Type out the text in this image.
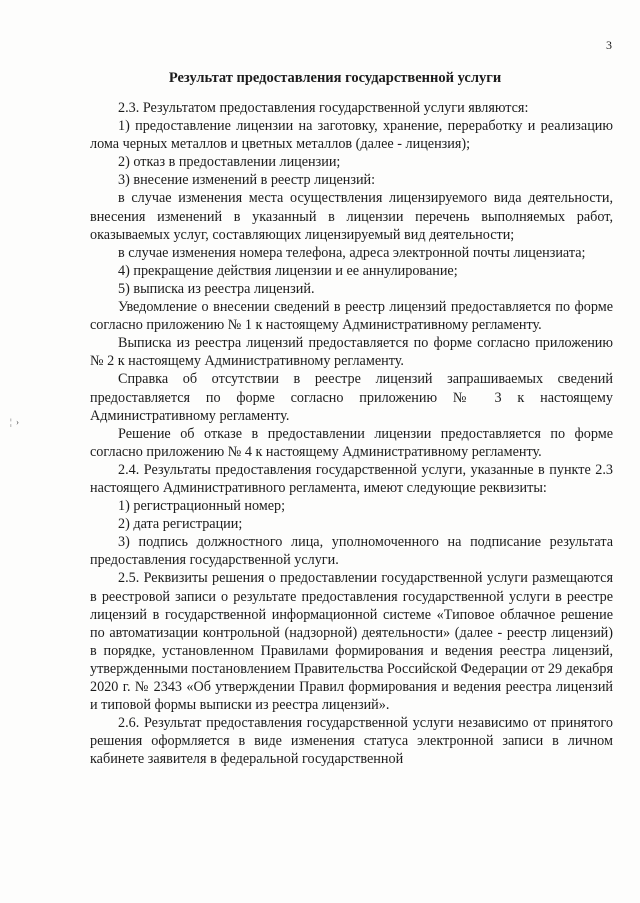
3
¦ ›
Результат предоставления государственной услуги

2.3. Результатом предоставления государственной услуги являются:

1) предоставление лицензии на заготовку, хранение, переработку и реализацию лома черных металлов и цветных металлов (далее - лицензия);

2) отказ в предоставлении лицензии;

3) внесение изменений в реестр лицензий:

в случае изменения места осуществления лицензируемого вида деятельности, внесения изменений в указанный в лицензии перечень выполняемых работ, оказываемых услуг, составляющих лицензируемый вид деятельности;

в случае изменения номера телефона, адреса электронной почты лицензиата;

4) прекращение действия лицензии и ее аннулирование;

5) выписка из реестра лицензий.

Уведомление о внесении сведений в реестр лицензий предоставляется по форме согласно приложению № 1 к настоящему Административному регламенту.

Выписка из реестра лицензий предоставляется по форме согласно приложению № 2 к настоящему Административному регламенту.

Справка об отсутствии в реестре лицензий запрашиваемых сведений предоставляется по форме согласно приложению № 3 к настоящему Административному регламенту.

Решение об отказе в предоставлении лицензии предоставляется по форме согласно приложению № 4 к настоящему Административному регламенту.

2.4. Результаты предоставления государственной услуги, указанные в пункте 2.3 настоящего Административного регламента, имеют следующие реквизиты:

1) регистрационный номер;

2) дата регистрации;

3) подпись должностного лица, уполномоченного на подписание результата предоставления государственной услуги.

2.5. Реквизиты решения о предоставлении государственной услуги размещаются в реестровой записи о результате предоставления государственной услуги в реестре лицензий в государственной информационной системе «Типовое облачное решение по автоматизации контрольной (надзорной) деятельности» (далее - реестр лицензий) в порядке, установленном Правилами формирования и ведения реестра лицензий, утвержденными постановлением Правительства Российской Федерации от 29 декабря 2020 г. № 2343 «Об утверждении Правил формирования и ведения реестра лицензий и типовой формы выписки из реестра лицензий».

2.6. Результат предоставления государственной услуги независимо от принятого решения оформляется в виде изменения статуса электронной записи в личном кабинете заявителя в федеральной государственной
